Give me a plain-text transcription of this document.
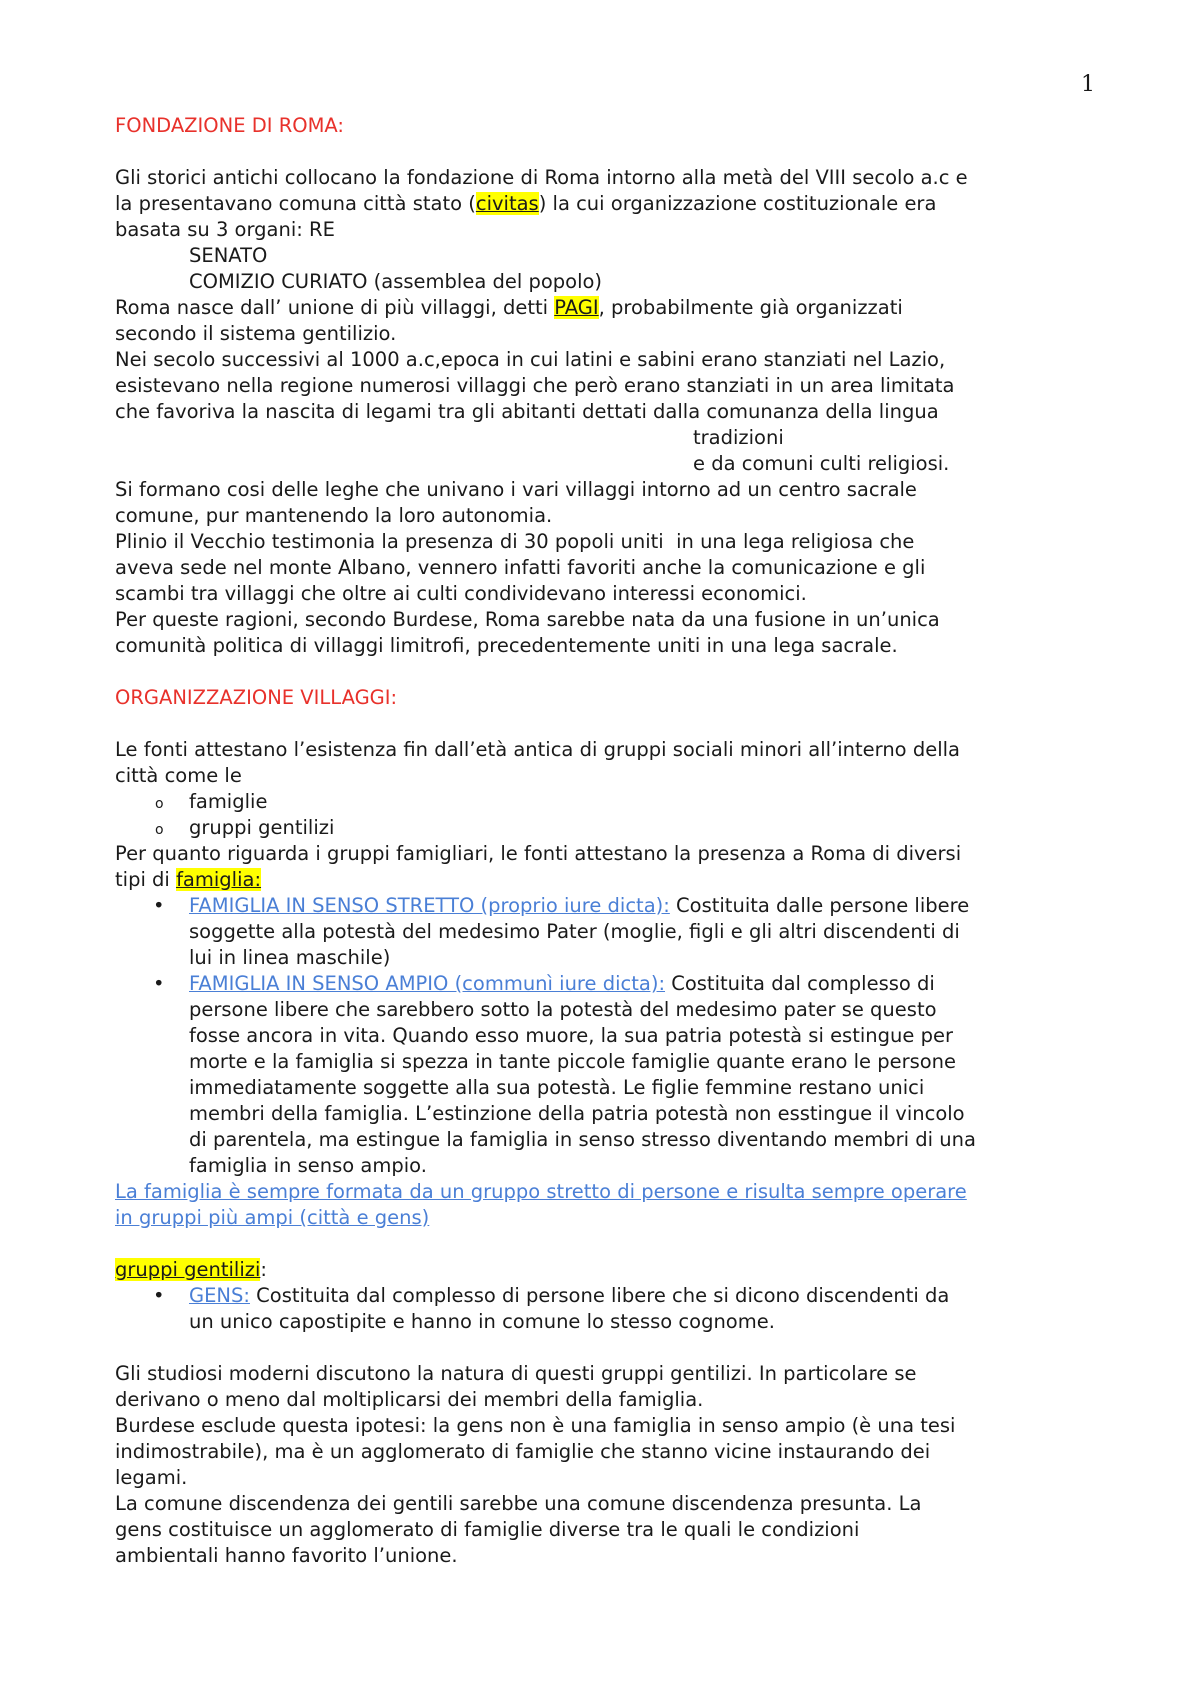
1
FONDAZIONE DI ROMA:
Gli storici antichi collocano la fondazione di Roma intorno alla metà del VIII secolo a.c e
la presentavano comuna città stato (civitas) la cui organizzazione costituzionale era
basata su 3 organi: RE
SENATO
COMIZIO CURIATO (assemblea del popolo)
Roma nasce dall’ unione di più villaggi, detti PAGI, probabilmente già organizzati
secondo il sistema gentilizio.
Nei secolo successivi al 1000 a.c,epoca in cui latini e sabini erano stanziati nel Lazio,
esistevano nella regione numerosi villaggi che però erano stanziati in un area limitata
che favoriva la nascita di legami tra gli abitanti dettati dalla comunanza della lingua
tradizioni
e da comuni culti religiosi.
Si formano cosi delle leghe che univano i vari villaggi intorno ad un centro sacrale
comune, pur mantenendo la loro autonomia.
Plinio il Vecchio testimonia la presenza di 30 popoli uniti  in una lega religiosa che
aveva sede nel monte Albano, vennero infatti favoriti anche la comunicazione e gli
scambi tra villaggi che oltre ai culti condividevano interessi economici.
Per queste ragioni, secondo Burdese, Roma sarebbe nata da una fusione in un’unica
comunità politica di villaggi limitrofi, precedentemente uniti in una lega sacrale.
ORGANIZZAZIONE VILLAGGI:
Le fonti attestano l’esistenza fin dall’età antica di gruppi sociali minori all’interno della
città come le
o famiglie
o gruppi gentilizi
Per quanto riguarda i gruppi famigliari, le fonti attestano la presenza a Roma di diversi
tipi di famiglia:
• FAMIGLIA IN SENSO STRETTO (proprio iure dicta): Costituita dalle persone libere
soggette alla potestà del medesimo Pater (moglie, figli e gli altri discendenti di
lui in linea maschile)
• FAMIGLIA IN SENSO AMPIO (communì iure dicta): Costituita dal complesso di
persone libere che sarebbero sotto la potestà del medesimo pater se questo
fosse ancora in vita. Quando esso muore, la sua patria potestà si estingue per
morte e la famiglia si spezza in tante piccole famiglie quante erano le persone
immediatamente soggette alla sua potestà. Le figlie femmine restano unici
membri della famiglia. L’estinzione della patria potestà non esstingue il vincolo
di parentela, ma estingue la famiglia in senso stresso diventando membri di una
famiglia in senso ampio.
La famiglia è sempre formata da un gruppo stretto di persone e risulta sempre operare
in gruppi più ampi (città e gens)
gruppi gentilizi:
• GENS: Costituita dal complesso di persone libere che si dicono discendenti da
un unico capostipite e hanno in comune lo stesso cognome.
Gli studiosi moderni discutono la natura di questi gruppi gentilizi. In particolare se
derivano o meno dal moltiplicarsi dei membri della famiglia.
Burdese esclude questa ipotesi: la gens non è una famiglia in senso ampio (è una tesi
indimostrabile), ma è un agglomerato di famiglie che stanno vicine instaurando dei
legami.
La comune discendenza dei gentili sarebbe una comune discendenza presunta. La
gens costituisce un agglomerato di famiglie diverse tra le quali le condizioni
ambientali hanno favorito l’unione.
